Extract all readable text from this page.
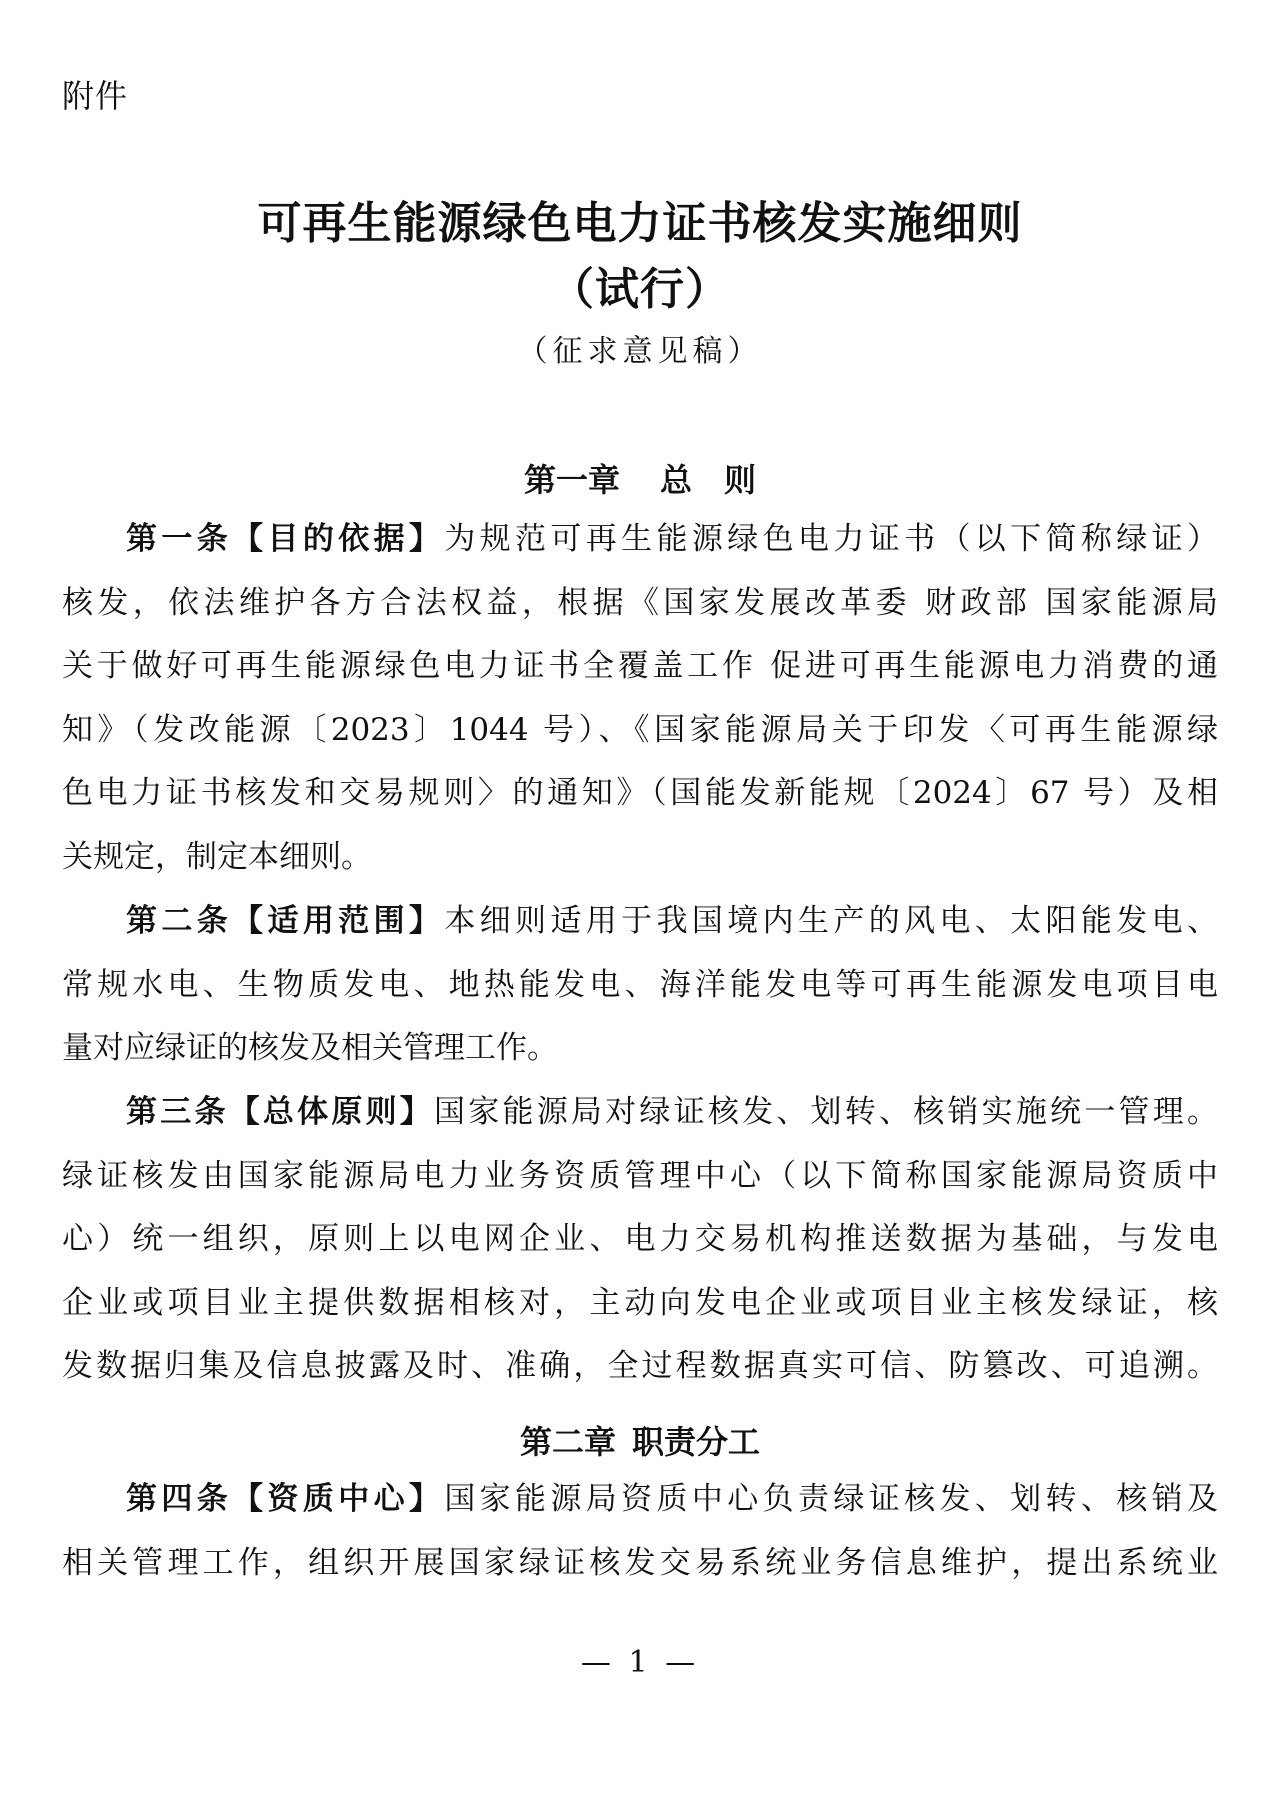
附件
可再生能源绿色电力证书核发实施细则
（试行）
（征求意见稿）
第一章 总　则
第一条【目的依据】为规范可再生能源绿色电力证书（以下简称绿证）
核发，依法维护各方合法权益，根据《国家发展改革委 财政部 国家能源局
关于做好可再生能源绿色电力证书全覆盖工作 促进可再生能源电力消费的通
知》（发改能源〔2023〕1044 号）、《国家能源局关于印发〈可再生能源绿
色电力证书核发和交易规则〉的通知》（国能发新能规〔2024〕67 号）及相
关规定，制定本细则。
第二条【适用范围】本细则适用于我国境内生产的风电、太阳能发电、
常规水电、生物质发电、地热能发电、海洋能发电等可再生能源发电项目电
量对应绿证的核发及相关管理工作。
第三条【总体原则】国家能源局对绿证核发、划转、核销实施统一管理。
绿证核发由国家能源局电力业务资质管理中心（以下简称国家能源局资质中
心）统一组织，原则上以电网企业、电力交易机构推送数据为基础，与发电
企业或项目业主提供数据相核对，主动向发电企业或项目业主核发绿证，核
发数据归集及信息披露及时、准确，全过程数据真实可信、防篡改、可追溯。
第二章 职责分工
第四条【资质中心】国家能源局资质中心负责绿证核发、划转、核销及
相关管理工作，组织开展国家绿证核发交易系统业务信息维护，提出系统业
— 1 —
